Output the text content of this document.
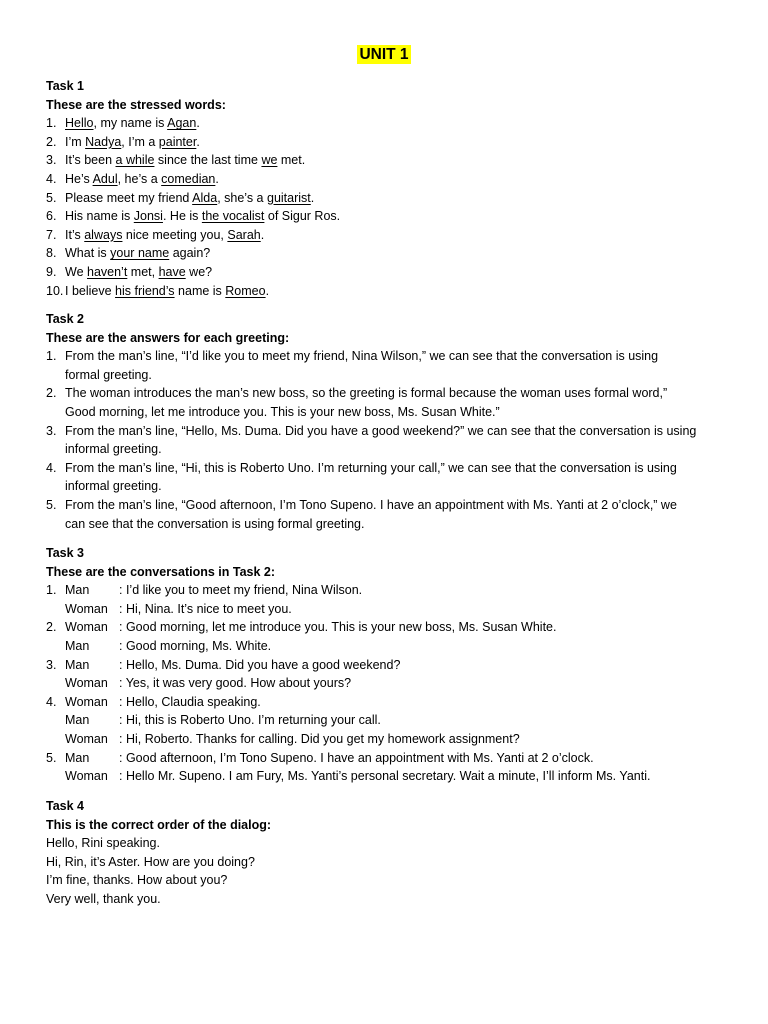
UNIT 1
Task 1
These are the stressed words:
1. Hello, my name is Agan.
2. I’m Nadya, I’m a painter.
3. It’s been a while since the last time we met.
4. He’s Adul, he’s a comedian.
5. Please meet my friend Alda, she’s a guitarist.
6. His name is Jonsi. He is the vocalist of Sigur Ros.
7. It’s always nice meeting you, Sarah.
8. What is your name again?
9. We haven’t met, have we?
10. I believe his friend’s name is Romeo.
Task 2
These are the answers for each greeting:
1. From the man’s line, “I’d like you to meet my friend, Nina Wilson,” we can see that the conversation is using
formal greeting.
2. The woman introduces the man’s new boss, so the greeting is formal because the woman uses formal word,”
Good morning, let me introduce you. This is your new boss, Ms. Susan White.”
3. From the man’s line, “Hello, Ms. Duma. Did you have a good weekend?” we can see that the conversation is using
informal greeting.
4. From the man’s line, “Hi, this is Roberto Uno. I’m returning your call,” we can see that the conversation is using
informal greeting.
5. From the man’s line, “Good afternoon, I’m Tono Supeno. I have an appointment with Ms. Yanti at 2 o’clock,” we
can see that the conversation is using formal greeting.
Task 3
These are the conversations in Task 2:
1. Man	: I’d like you to meet my friend, Nina Wilson.
Woman : Hi, Nina. It’s nice to meet you.
2. Woman : Good morning, let me introduce you. This is your new boss, Ms. Susan White.
Man	: Good morning, Ms. White.
3. Man	: Hello, Ms. Duma. Did you have a good weekend?
Woman : Yes, it was very good. How about yours?
4. Woman : Hello, Claudia speaking.
Man	: Hi, this is Roberto Uno. I’m returning your call.
Woman : Hi, Roberto. Thanks for calling. Did you get my homework assignment?
5. Man	: Good afternoon, I’m Tono Supeno. I have an appointment with Ms. Yanti at 2 o’clock.
Woman : Hello Mr. Supeno. I am Fury, Ms. Yanti’s personal secretary. Wait a minute, I’ll inform Ms. Yanti.
Task 4
This is the correct order of the dialog:
Hello, Rini speaking.
Hi, Rin, it’s Aster. How are you doing?
I’m fine, thanks. How about you?
Very well, thank you.
